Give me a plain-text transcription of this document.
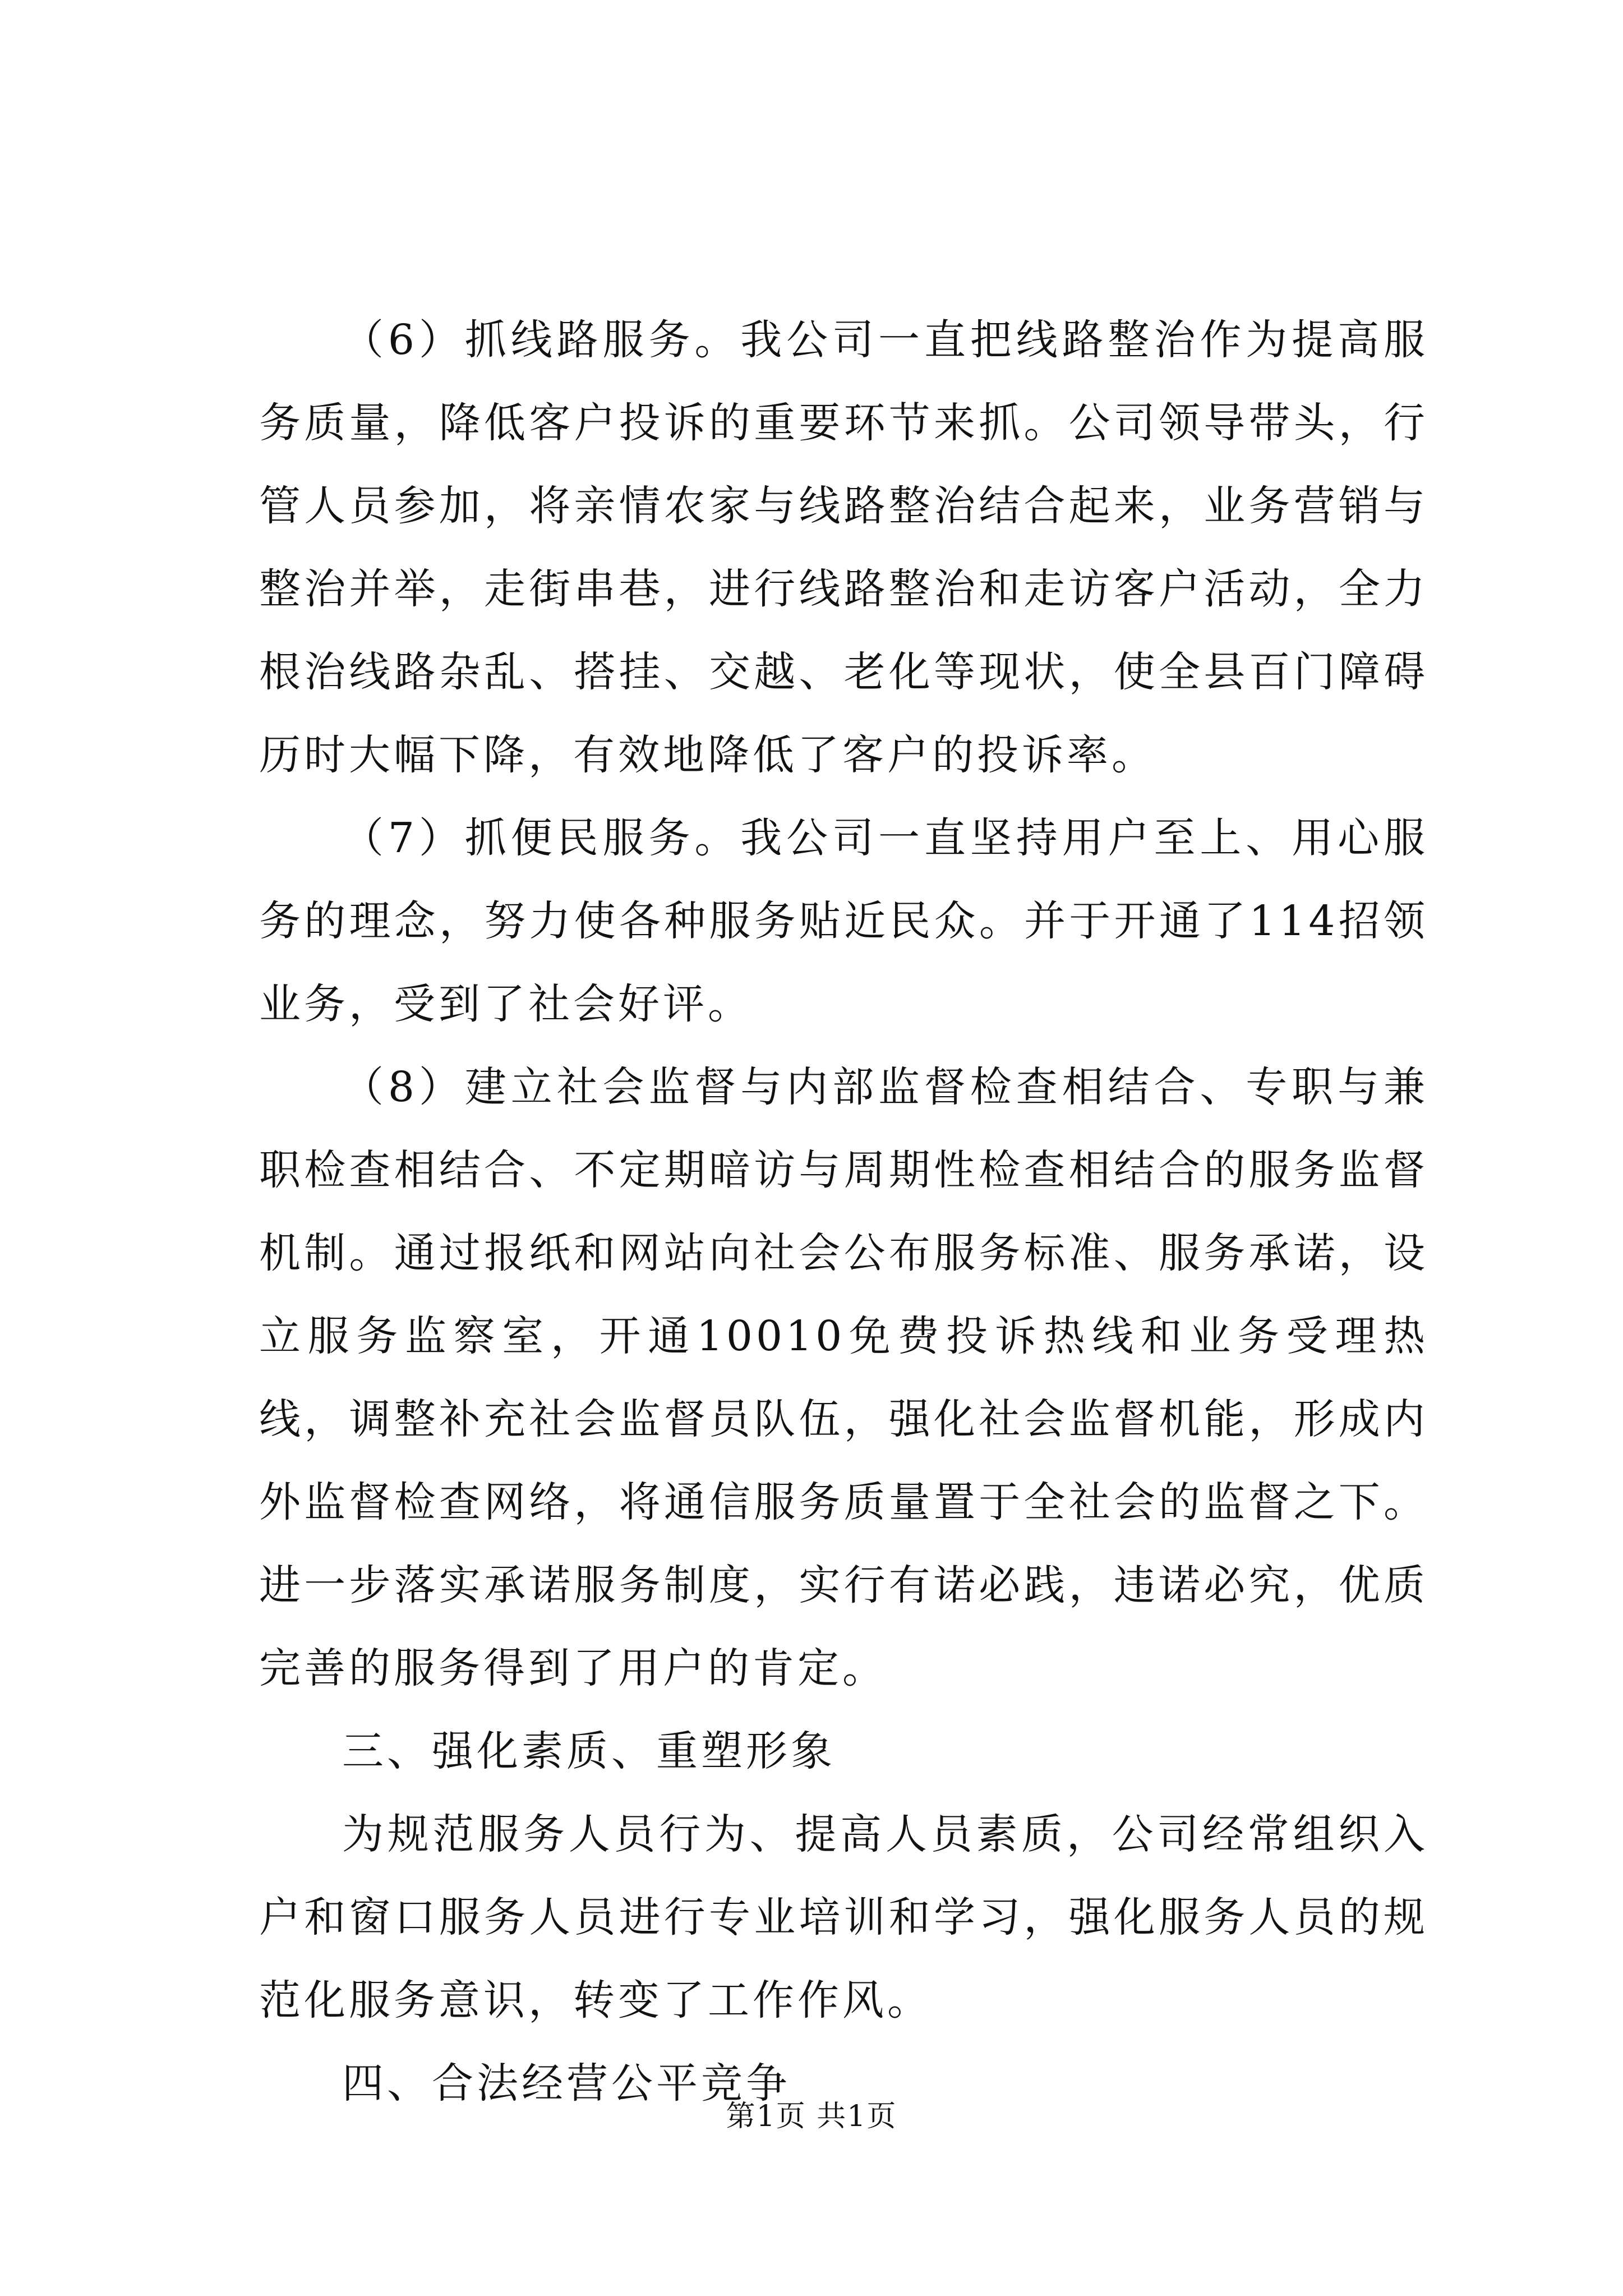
（6）抓线路服务。我公司一直把线路整治作为提高服务质量，降低客户投诉的重要环节来抓。公司领导带头，行管人员参加，将亲情农家与线路整治结合起来，业务营销与整治并举，走街串巷，进行线路整治和走访客户活动，全力根治线路杂乱、搭挂、交越、老化等现状，使全县百门障碍历时大幅下降，有效地降低了客户的投诉率。

（7）抓便民服务。我公司一直坚持用户至上、用心服务的理念，努力使各种服务贴近民众。并于开通了114招领业务，受到了社会好评。

（8）建立社会监督与内部监督检查相结合、专职与兼职检查相结合、不定期暗访与周期性检查相结合的服务监督机制。通过报纸和网站向社会公布服务标准、服务承诺，设立服务监察室，开通10010免费投诉热线和业务受理热线，调整补充社会监督员队伍，强化社会监督机能，形成内外监督检查网络，将通信服务质量置于全社会的监督之下。进一步落实承诺服务制度，实行有诺必践，违诺必究，优质完善的服务得到了用户的肯定。

三、强化素质、重塑形象

为规范服务人员行为、提高人员素质，公司经常组织入户和窗口服务人员进行专业培训和学习，强化服务人员的规范化服务意识，转变了工作作风。

四、合法经营公平竞争

第1页 共1页
